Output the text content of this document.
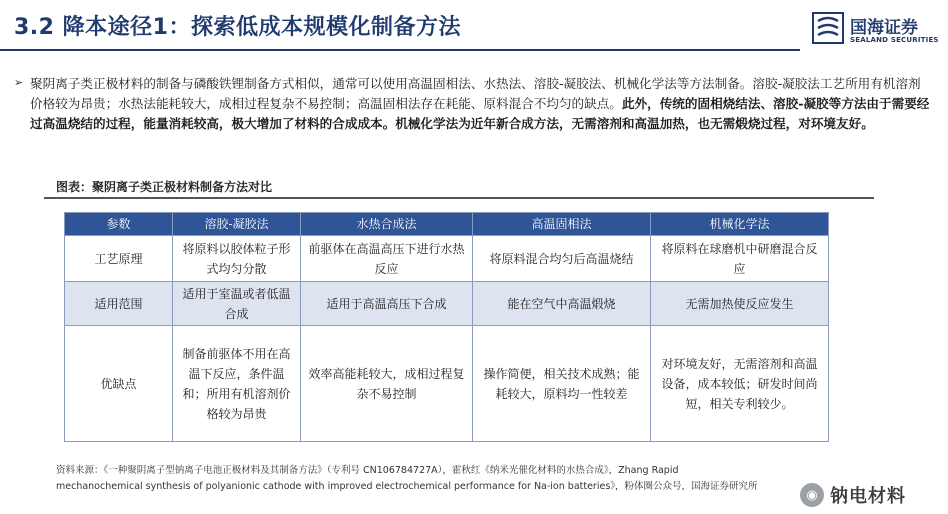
3.2 降本途径1：探索低成本规模化制备方法	国海证券
SEALAND SECURITIES
➢ 聚阴离子类正极材料的制备与磷酸铁锂制备方式相似，通常可以使用高温固相法、水热法、溶胶-凝胶法、机械化学法等方法制备。溶胶-凝胶法工艺所用有机溶剂价格较为昂贵；水热法能耗较大，成相过程复杂不易控制；高温固相法存在耗能、原料混合不均匀的缺点。此外，传统的固相烧结法、溶胶-凝胶等方法由于需要经过高温烧结的过程，能量消耗较高，极大增加了材料的合成成本。机械化学法为近年新合成方法，无需溶剂和高温加热，也无需煅烧过程，对环境友好。
图表：聚阴离子类正极材料制备方法对比
参数	溶胶-凝胶法	水热合成法	高温固相法	机械化学法
工艺原理	将原料以胶体粒子形式均匀分散	前驱体在高温高压下进行水热反应	将原料混合均匀后高温烧结	将原料在球磨机中研磨混合反应
适用范围	适用于室温或者低温合成	适用于高温高压下合成	能在空气中高温煅烧	无需加热使反应发生
优缺点	制备前驱体不用在高温下反应，条件温和；所用有机溶剂价格较为昂贵	效率高能耗较大，成相过程复杂不易控制	操作简便，相关技术成熟；能耗较大，原料均一性较差	对环境友好，无需溶剂和高温设备，成本较低；研发时间尚短，相关专利较少。
资料来源：《一种聚阴离子型钠离子电池正极材料及其制备方法》（专利号 CN106784727A），霍秋红《纳米光催化材料的水热合成》，Zhang Rapid
mechanochemical synthesis of polyanionic cathode with improved electrochemical performance for Na-ion batteries》，粉体圈公众号，国海证券研究所
◉ 钠电材料
